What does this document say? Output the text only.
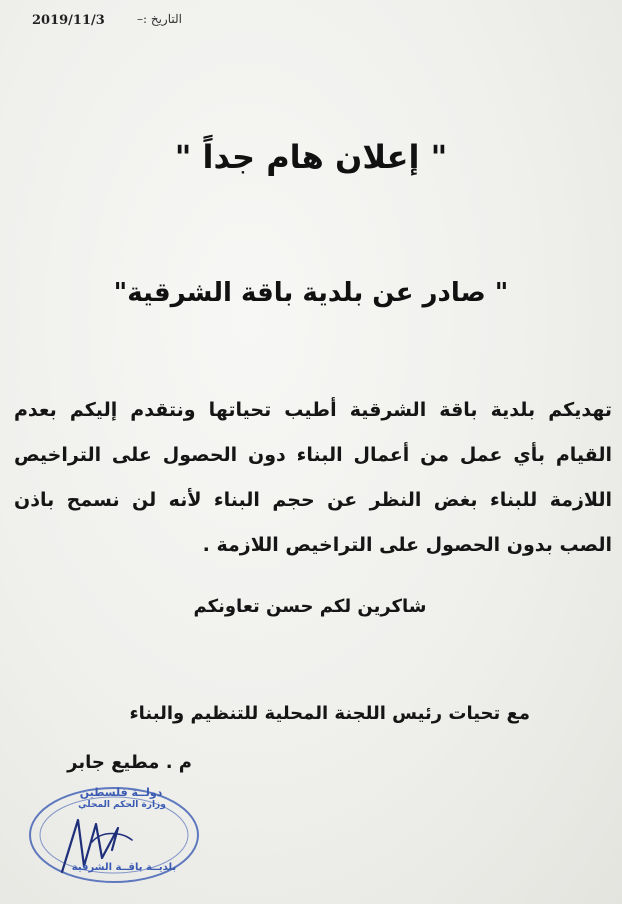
2019/11/3	التاريخ :–
" إعلان هام جداً "
" صادر عن بلدية باقة الشرقية"
تهديكم بلدية باقة الشرقية أطيب تحياتها ونتقدم إليكم بعدم القيام بأي عمل من أعمال البناء دون الحصول على التراخيص اللازمة للبناء بغض النظر عن حجم البناء لأنه لن نسمح باذن الصب بدون الحصول على التراخيص اللازمة .
شاكرين لكم حسن تعاونكم
مع تحيات رئيس اللجنة المحلية للتنظيم والبناء
م . مطيع جابر
دولــة فلسطين
وزارة الحكم المحلي
بلديــة باقــة الشرقية
